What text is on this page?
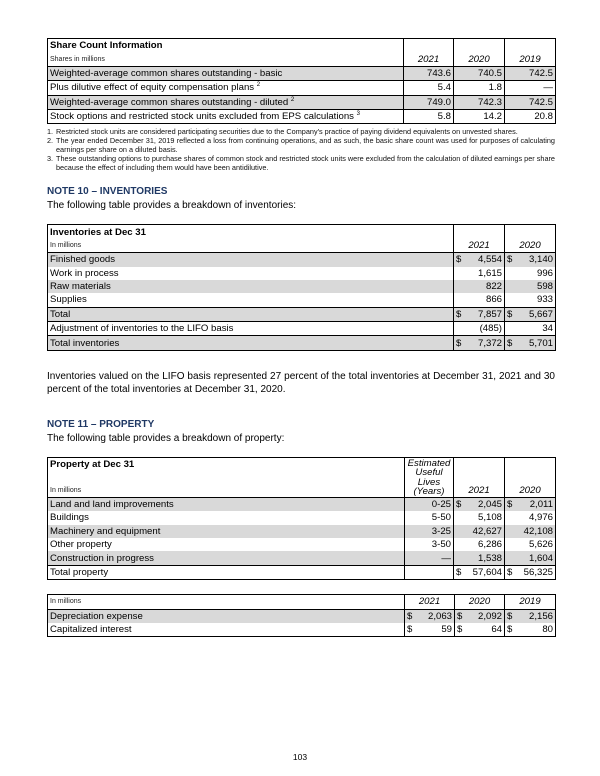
Share Count Information			
Shares in millions	2021	2020	2019
Weighted-average common shares outstanding - basic	743.6	740.5	742.5
Plus dilutive effect of equity compensation plans $^2$	5.4	1.8	—
Weighted-average common shares outstanding - diluted $^2$	749.0	742.3	742.5
Stock options and restricted stock units excluded from EPS calculations $^3$	5.8	14.2	20.8
1. Restricted stock units are considered participating securities due to the Company's practice of paying dividend equivalents on unvested shares.
2. The year ended December 31, 2019 reflected a loss from continuing operations, and as such, the basic share count was used for purposes of calculating earnings per share on a diluted basis.
3. These outstanding options to purchase shares of common stock and restricted stock units were excluded from the calculation of diluted earnings per share because the effect of including them would have been antidilutive.

NOTE 10 – INVENTORIES

The following table provides a breakdown of inventories:

Inventories at Dec 31		
In millions	2021	2020
Finished goods	$ 4,554	$ 3,140

Work in process	1,615	996
Raw materials	822	598
Supplies	866	933
Total	$ 7,857	$ 5,667

Adjustment of inventories to the LIFO basis	(485)	34
Total inventories	$ 7,372	$ 5,701

Inventories valued on the LIFO basis represented 27 percent of the total inventories at December 31, 2021 and 30 percent of the total inventories at December 31, 2020.

NOTE 11 – PROPERTY

The following table provides a breakdown of property:

Property at Dec 31	Estimated
Useful
Lives
(Years)		
In millions		2021	2020
Land and land improvements	0-25	$ 2,045	$ 2,011

Buildings	5-50	5,108	4,976
Machinery and equipment	3-25	42,627	42,108
Other property	3-50	6,286	5,626
Construction in progress	—	1,538	1,604
Total property		$ 57,604	$ 56,325
In millions	2021	2020	2019
Depreciation expense	$ 2,063	$ 2,092	$ 2,156

Capitalized interest	$ 59	$ 64	$ 80
103
